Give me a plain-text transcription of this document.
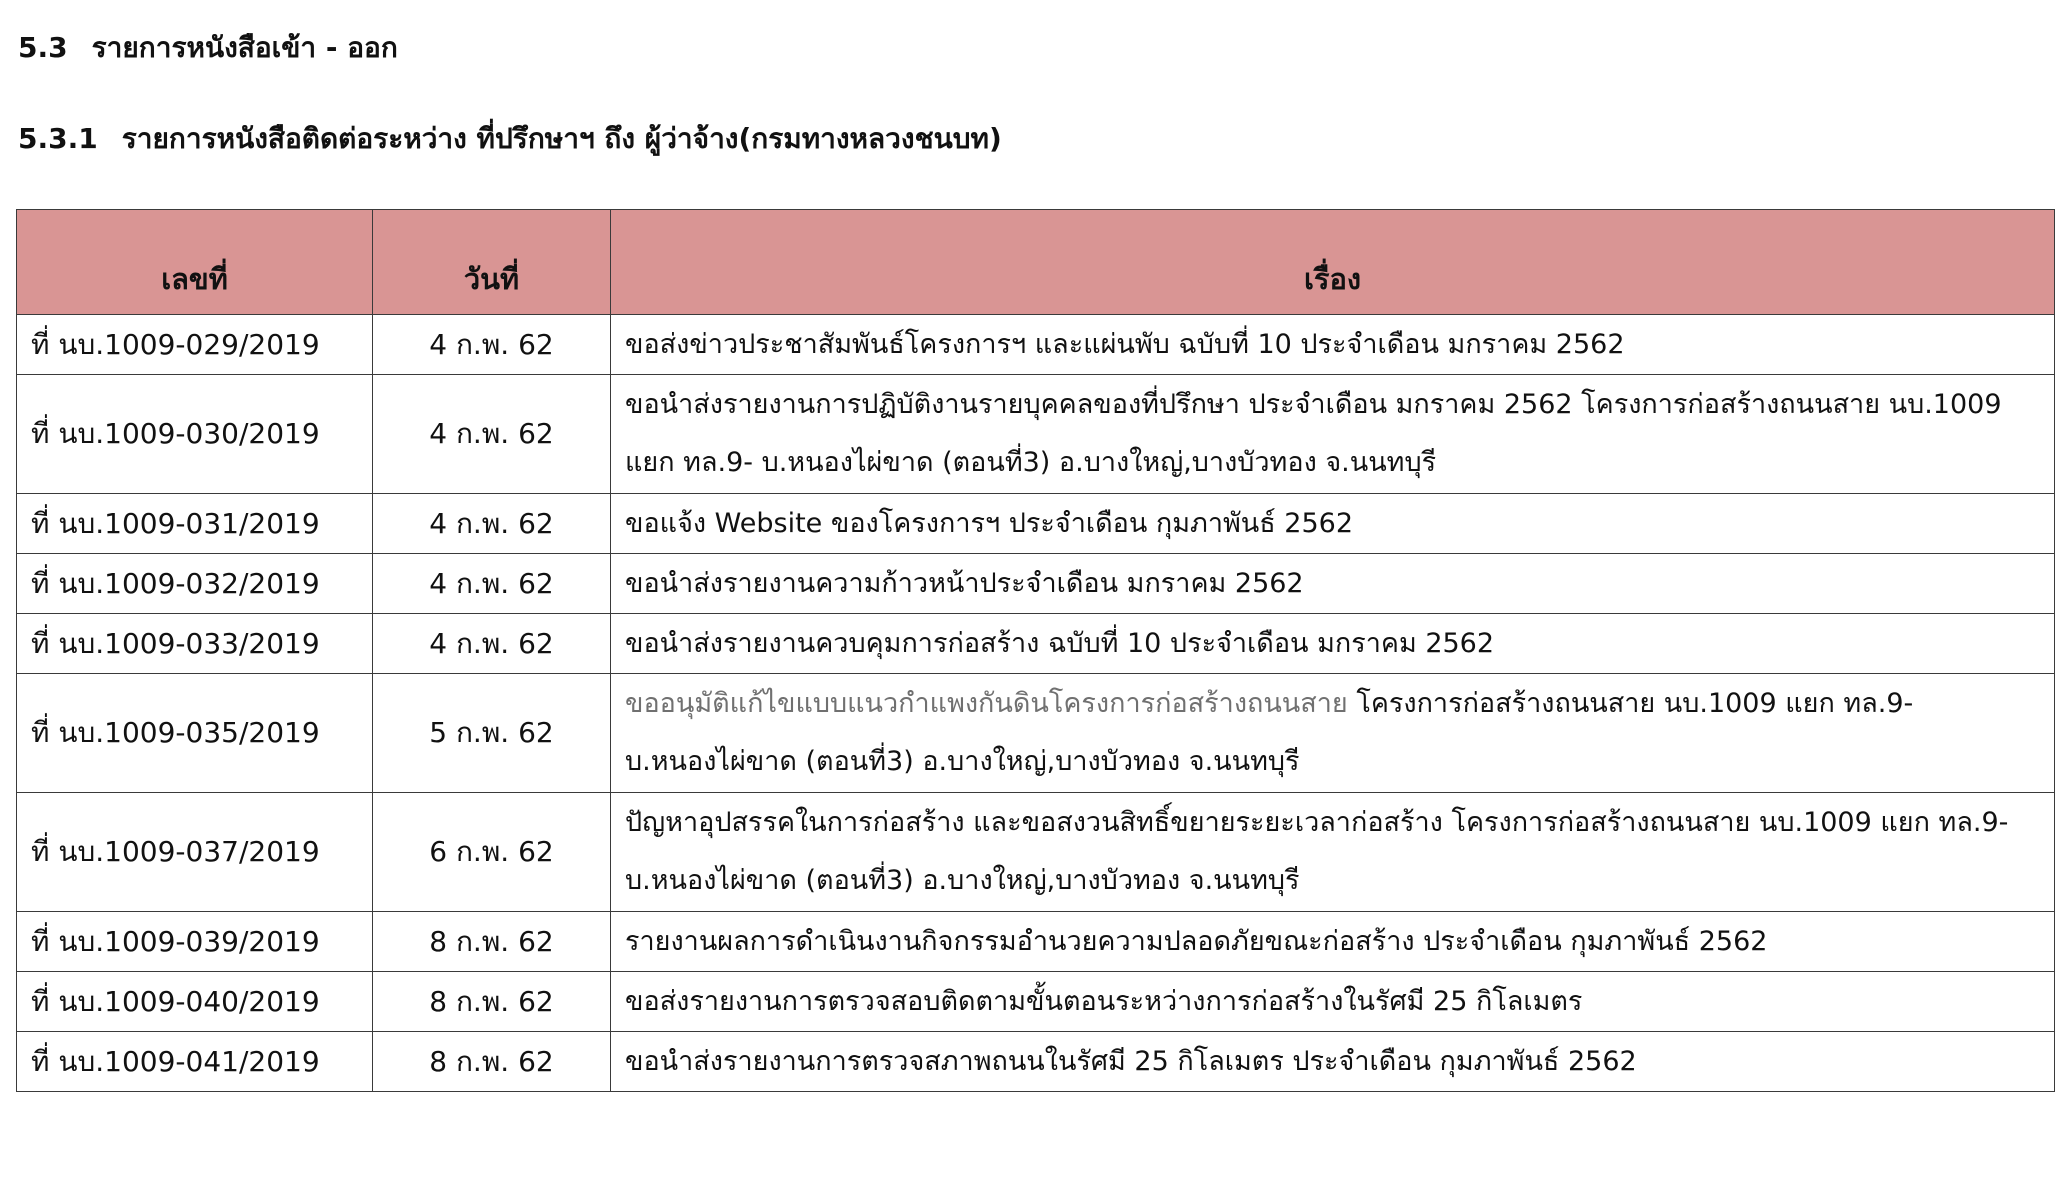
5.3 รายการหนังสือเข้า - ออก
5.3.1 รายการหนังสือติดต่อระหว่าง ที่ปรึกษาฯ ถึง ผู้ว่าจ้าง(กรมทางหลวงชนบท)
เลขที่	วันที่	เรื่อง
ที่ นบ.1009-029/2019	4 ก.พ. 62	ขอส่งข่าวประชาสัมพันธ์โครงการฯ และแผ่นพับ ฉบับที่ 10 ประจำเดือน มกราคม 2562
ที่ นบ.1009-030/2019	4 ก.พ. 62	ขอนำส่งรายงานการปฏิบัติงานรายบุคคลของที่ปรึกษา ประจำเดือน มกราคม 2562 โครงการก่อสร้างถนนสาย นบ.1009 แยก ทล.9- บ.หนองไผ่ขาด (ตอนที่3) อ.บางใหญ่,บางบัวทอง จ.นนทบุรี
ที่ นบ.1009-031/2019	4 ก.พ. 62	ขอแจ้ง Website ของโครงการฯ ประจำเดือน กุมภาพันธ์ 2562
ที่ นบ.1009-032/2019	4 ก.พ. 62	ขอนำส่งรายงานความก้าวหน้าประจำเดือน มกราคม 2562
ที่ นบ.1009-033/2019	4 ก.พ. 62	ขอนำส่งรายงานควบคุมการก่อสร้าง ฉบับที่ 10 ประจำเดือน มกราคม 2562
ที่ นบ.1009-035/2019	5 ก.พ. 62	ขออนุมัติแก้ไขแบบแนวกำแพงกันดินโครงการก่อสร้างถนนสาย โครงการก่อสร้างถนนสาย นบ.1009 แยก ทล.9- บ.หนองไผ่ขาด (ตอนที่3) อ.บางใหญ่,บางบัวทอง จ.นนทบุรี
ที่ นบ.1009-037/2019	6 ก.พ. 62	ปัญหาอุปสรรคในการก่อสร้าง และขอสงวนสิทธิ์ขยายระยะเวลาก่อสร้าง โครงการก่อสร้างถนนสาย นบ.1009 แยก ทล.9-บ.หนองไผ่ขาด (ตอนที่3) อ.บางใหญ่,บางบัวทอง จ.นนทบุรี
ที่ นบ.1009-039/2019	8 ก.พ. 62	รายงานผลการดำเนินงานกิจกรรมอำนวยความปลอดภัยขณะก่อสร้าง ประจำเดือน กุมภาพันธ์ 2562
ที่ นบ.1009-040/2019	8 ก.พ. 62	ขอส่งรายงานการตรวจสอบติดตามขั้นตอนระหว่างการก่อสร้างในรัศมี 25 กิโลเมตร
ที่ นบ.1009-041/2019	8 ก.พ. 62	ขอนำส่งรายงานการตรวจสภาพถนนในรัศมี 25 กิโลเมตร ประจำเดือน กุมภาพันธ์ 2562
